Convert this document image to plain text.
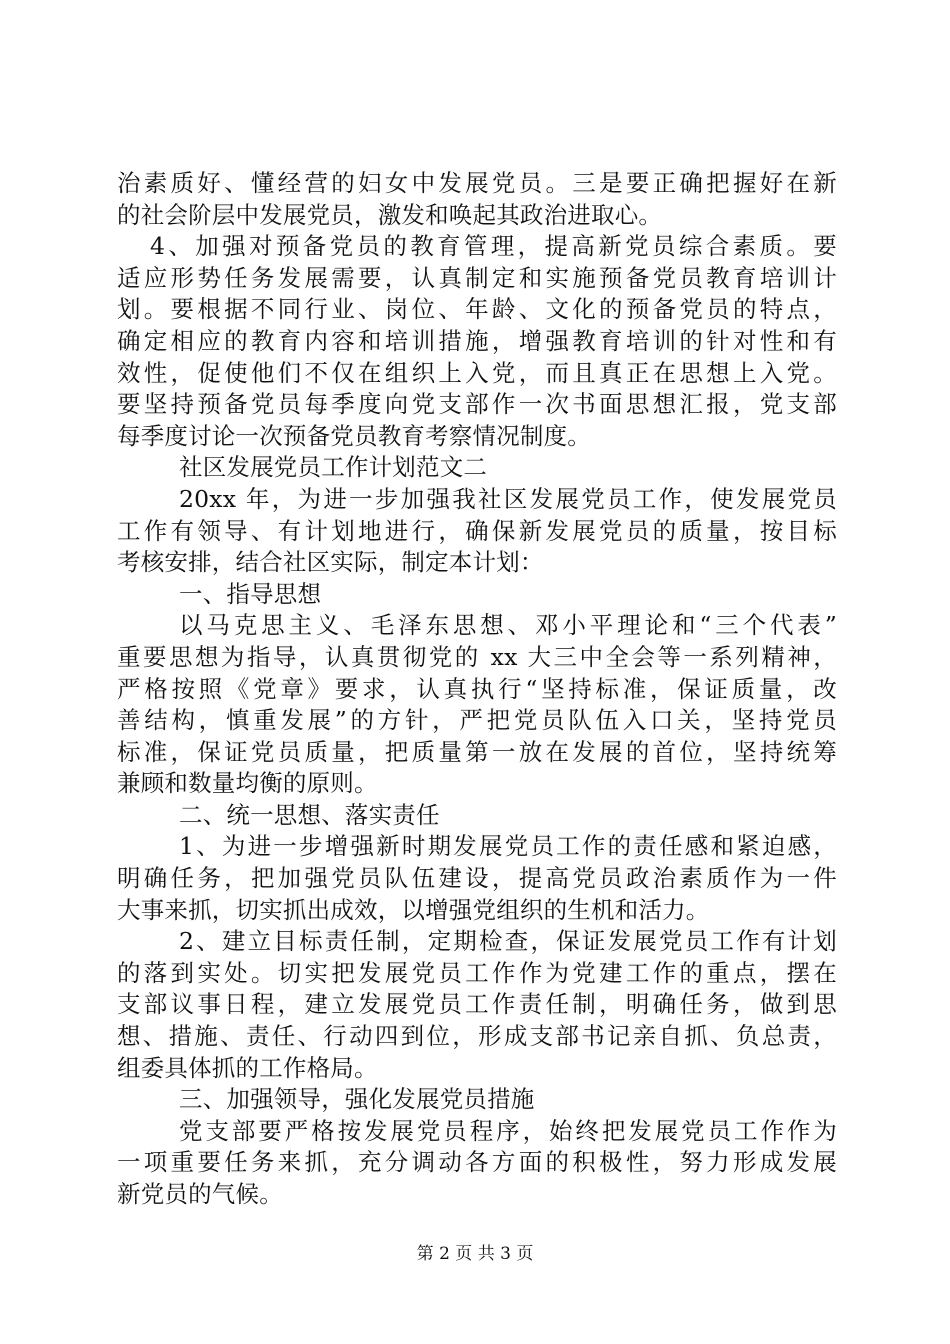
治素质好、懂经营的妇女中发展党员。三是要正确把握好在新
的社会阶层中发展党员，激发和唤起其政治进取心。
4、加强对预备党员的教育管理，提高新党员综合素质。要
适应形势任务发展需要，认真制定和实施预备党员教育培训计
划。要根据不同行业、岗位、年龄、文化的预备党员的特点，
确定相应的教育内容和培训措施，增强教育培训的针对性和有
效性，促使他们不仅在组织上入党，而且真正在思想上入党。
要坚持预备党员每季度向党支部作一次书面思想汇报，党支部
每季度讨论一次预备党员教育考察情况制度。
社区发展党员工作计划范文二
20xx 年，为进一步加强我社区发展党员工作，使发展党员
工作有领导、有计划地进行，确保新发展党员的质量，按目标
考核安排，结合社区实际，制定本计划：
一、指导思想
以马克思主义、毛泽东思想、邓小平理论和“三个代表”
重要思想为指导，认真贯彻党的 xx 大三中全会等一系列精神，
严格按照《党章》要求，认真执行“坚持标准，保证质量，改
善结构，慎重发展”的方针，严把党员队伍入口关，坚持党员
标准，保证党员质量，把质量第一放在发展的首位，坚持统筹
兼顾和数量均衡的原则。
二、统一思想、落实责任
1、为进一步增强新时期发展党员工作的责任感和紧迫感，
明确任务，把加强党员队伍建设，提高党员政治素质作为一件
大事来抓，切实抓出成效，以增强党组织的生机和活力。
2、建立目标责任制，定期检查，保证发展党员工作有计划
的落到实处。切实把发展党员工作作为党建工作的重点，摆在
支部议事日程，建立发展党员工作责任制，明确任务，做到思
想、措施、责任、行动四到位，形成支部书记亲自抓、负总责，
组委具体抓的工作格局。
三、加强领导，强化发展党员措施
党支部要严格按发展党员程序，始终把发展党员工作作为
一项重要任务来抓，充分调动各方面的积极性，努力形成发展
新党员的气候。
第 2 页 共 3 页
